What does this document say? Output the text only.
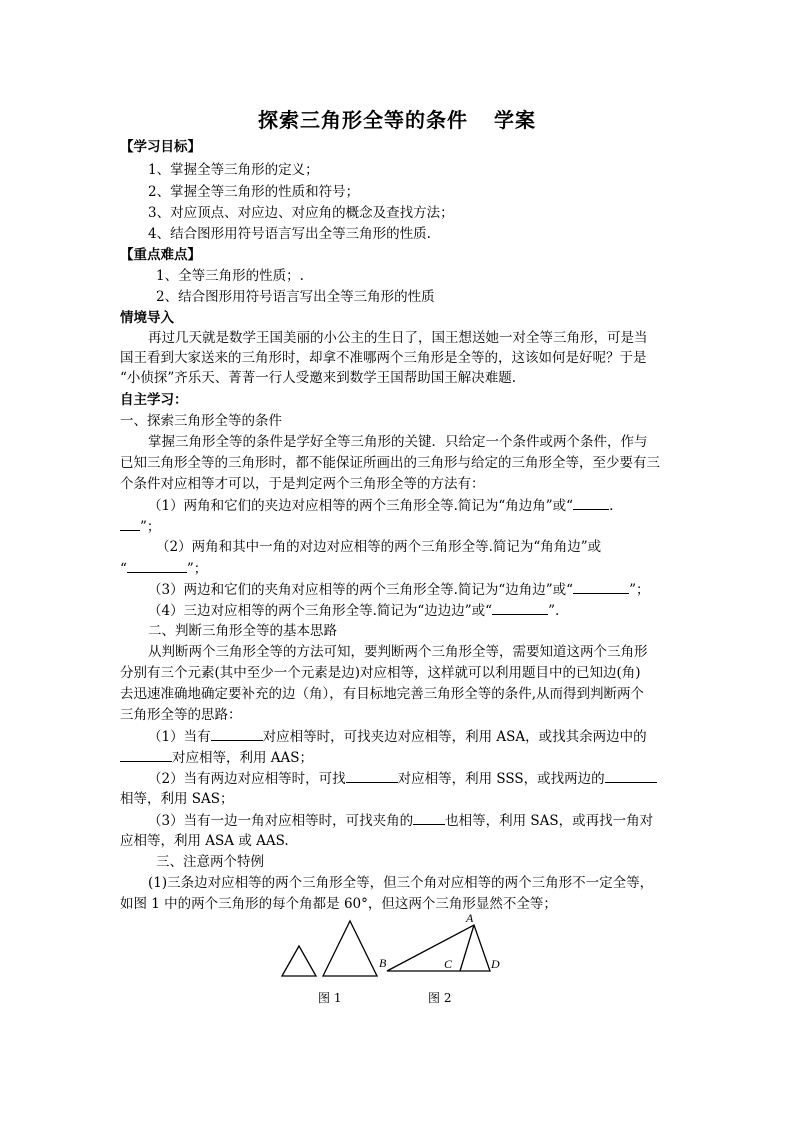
探索三角形全等的条件 学案
【学习目标】
1、掌握全等三角形的定义；
2、掌握全等三角形的性质和符号；
3、对应顶点、对应边、对应角的概念及查找方法；
4、结合图形用符号语言写出全等三角形的性质.
【重点难点】
1、全等三角形的性质；.
2、结合图形用符号语言写出全等三角形的性质
情境导入
再过几天就是数学王国美丽的小公主的生日了，国王想送她一对全等三角形，可是当
国王看到大家送来的三角形时，却拿不准哪两个三角形是全等的，这该如何是好呢？于是
“小侦探”齐乐天、菁菁一行人受邀来到数学王国帮助国王解决难题.
自主学习：
一、探索三角形全等的条件
掌握三角形全等的条件是学好全等三角形的关键．只给定一个条件或两个条件，作与
已知三角形全等的三角形时，都不能保证所画出的三角形与给定的三角形全等，至少要有三
个条件对应相等才可以，于是判定两个三角形全等的方法有：
（1）两角和它们的夹边对应相等的两个三角形全等.简记为“角边角”或“	.
”；
（2）两角和其中一角的对边对应相等的两个三角形全等.简记为“角角边”或
“	”；
（3）两边和它们的夹角对应相等的两个三角形全等.简记为“边角边”或“	”；
（4）三边对应相等的两个三角形全等.简记为“边边边”或“	”.
二、判断三角形全等的基本思路
从判断两个三角形全等的方法可知，要判断两个三角形全等，需要知道这两个三角形
分别有三个元素(其中至少一个元素是边)对应相等，这样就可以利用题目中的已知边(角)
去迅速准确地确定要补充的边（角），有目标地完善三角形全等的条件,从而得到判断两个
三角形全等的思路：
（1）当有	对应相等时，可找夹边对应相等，利用 ASA，或找其余两边中的
对应相等，利用 AAS；
（2）当有两边对应相等时，可找	对应相等，利用 SSS，或找两边的
相等，利用 SAS；
（3）当有一边一角对应相等时，可找夹角的 也相等，利用 SAS，或再找一角对
应相等，利用 ASA 或 AAS.
三、注意两个特例
(1)三条边对应相等的两个三角形全等，但三个角对应相等的两个三角形不一定全等，
如图 1 中的两个三角形的每个角都是 60°，但这两个三角形显然不全等；
A
B	C	D
图 1	图 2
